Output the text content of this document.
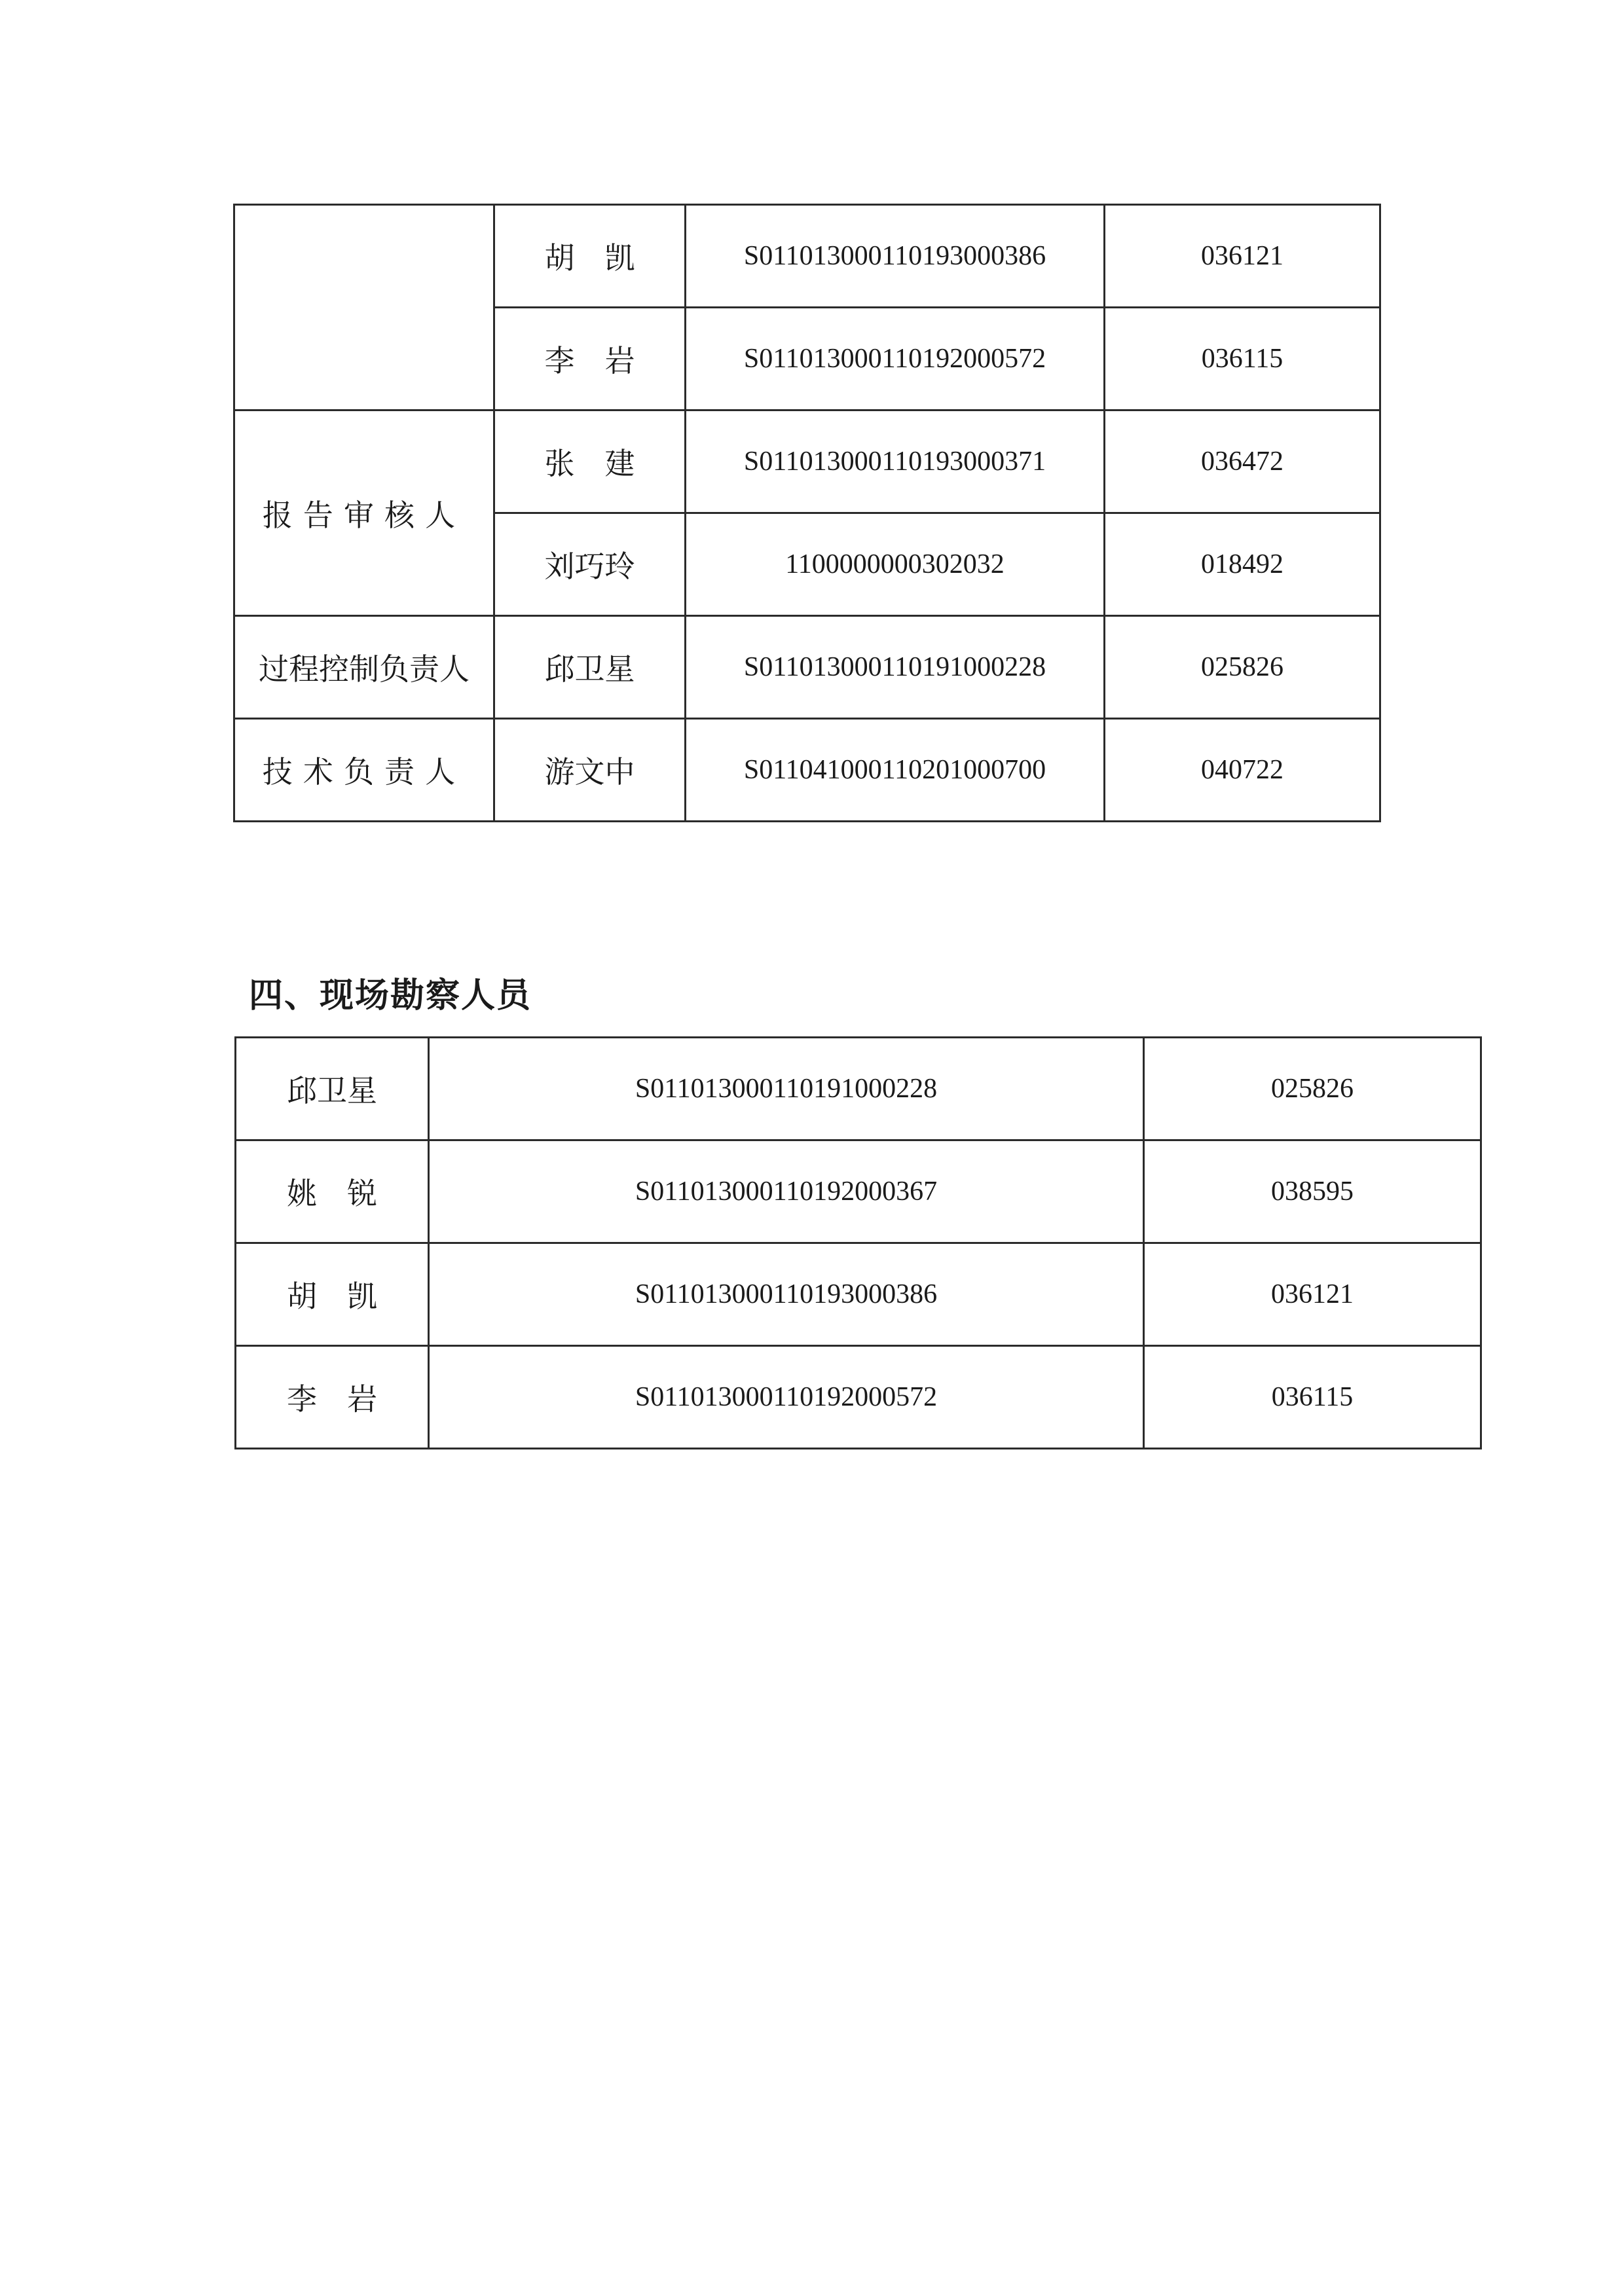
	胡　凯	S011013000110193000386	036121
	李　岩	S011013000110192000572	036115
报告审核人	张　建	S011013000110193000371	036472
	刘巧玲	1100000000302032	018492
过程控制负责人	邱卫星	S011013000110191000228	025826
技术负责人	游文中	S011041000110201000700	040722
四、现场勘察人员
邱卫星	S011013000110191000228	025826
姚　锐	S011013000110192000367	038595
胡　凯	S011013000110193000386	036121
李　岩	S011013000110192000572	036115
